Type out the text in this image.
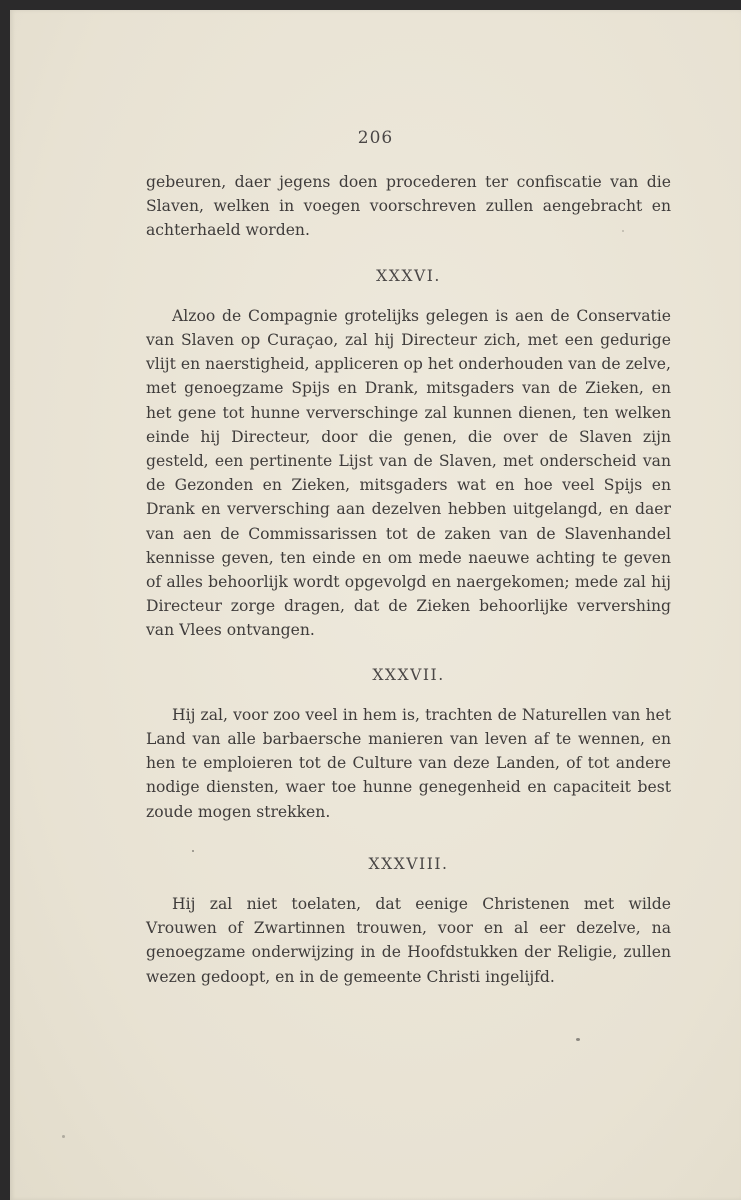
206

gebeuren, daer jegens doen procederen ter confiscatie van die Slaven, welken in voegen voorschreven zullen aengebracht en achterhaeld worden.

XXXVI.

Alzoo de Compagnie grotelijks gelegen is aen de Conservatie van Slaven op Curaçao, zal hij Directeur zich, met een gedurige vlijt en naerstigheid, appliceren op het onderhouden van de zelve, met genoegzame Spijs en Drank, mitsgaders van de Zieken, en het gene tot hunne ververschinge zal kunnen dienen, ten welken einde hij Directeur, door die genen, die over de Slaven zijn gesteld, een pertinente Lijst van de Slaven, met onderscheid van de Gezonden en Zieken, mitsgaders wat en hoe veel Spijs en Drank en verversching aan dezelven hebben uitgelangd, en daer van aen de Commissarissen tot de zaken van de Slavenhandel kennisse geven, ten einde en om mede naeuwe achting te geven of alles behoorlijk wordt opgevolgd en naergekomen; mede zal hij Directeur zorge dragen, dat de Zieken behoorlijke ververshing van Vlees ontvangen.

XXXVII.

Hij zal, voor zoo veel in hem is, trachten de Naturellen van het Land van alle barbaersche manieren van leven af te wennen, en hen te emploieren tot de Culture van deze Landen, of tot andere nodige diensten, waer toe hunne genegenheid en capaciteit best zoude mogen strekken.

XXXVIII.

Hij zal niet toelaten, dat eenige Christenen met wilde Vrouwen of Zwartinnen trouwen, voor en al eer dezelve, na genoegzame onderwijzing in de Hoofdstukken der Religie, zullen wezen gedoopt, en in de gemeente Christi ingelijfd.
